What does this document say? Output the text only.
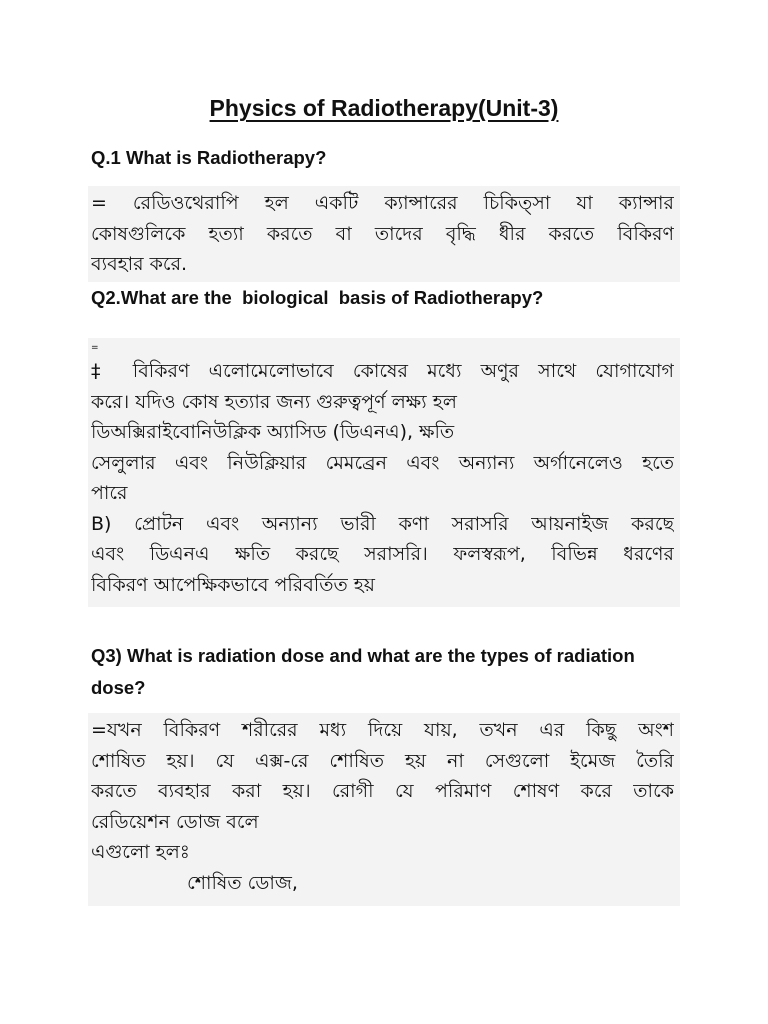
Physics of Radiotherapy(Unit-3)
Q.1 What is Radiotherapy?
= রেডিওথেরাপি হল একটি ক্যান্সারের চিকিত্সা যা ক্যান্সার
কোষগুলিকে হত্যা করতে বা তাদের বৃদ্ধি ধীর করতে বিকিরণ
ব্যবহার করে.
Q2.What are the  biological  basis of Radiotherapy?
=
‡ বিকিরণ এলোমেলোভাবে কোষের মধ্যে অণুর সাথে যোগাযোগ
করে। যদিও কোষ হত্যার জন্য গুরুত্বপূর্ণ লক্ষ্য হল
ডিঅক্সিরাইবোনিউক্লিক অ্যাসিড (ডিএনএ), ক্ষতি
সেলুলার এবং নিউক্লিয়ার মেমব্রেন এবং অন্যান্য অর্গানেলেও হতে
পারে
B) প্রোটন এবং অন্যান্য ভারী কণা সরাসরি আয়নাইজ করছে
এবং ডিএনএ ক্ষতি করছে সরাসরি। ফলস্বরূপ, বিভিন্ন ধরণের
বিকিরণ আপেক্ষিকভাবে পরিবর্তিত হয়
Q3) What is radiation dose and what are the types of radiation dose?
=যখন বিকিরণ শরীরের মধ্য দিয়ে যায়, তখন এর কিছু অংশ
শোষিত হয়। যে এক্স-রে শোষিত হয় না সেগুলো ইমেজ তৈরি
করতে ব্যবহার করা হয়। রোগী যে পরিমাণ শোষণ করে তাকে
রেডিয়েশন ডোজ বলে
এগুলো হলঃ
শোষিত ডোজ,
